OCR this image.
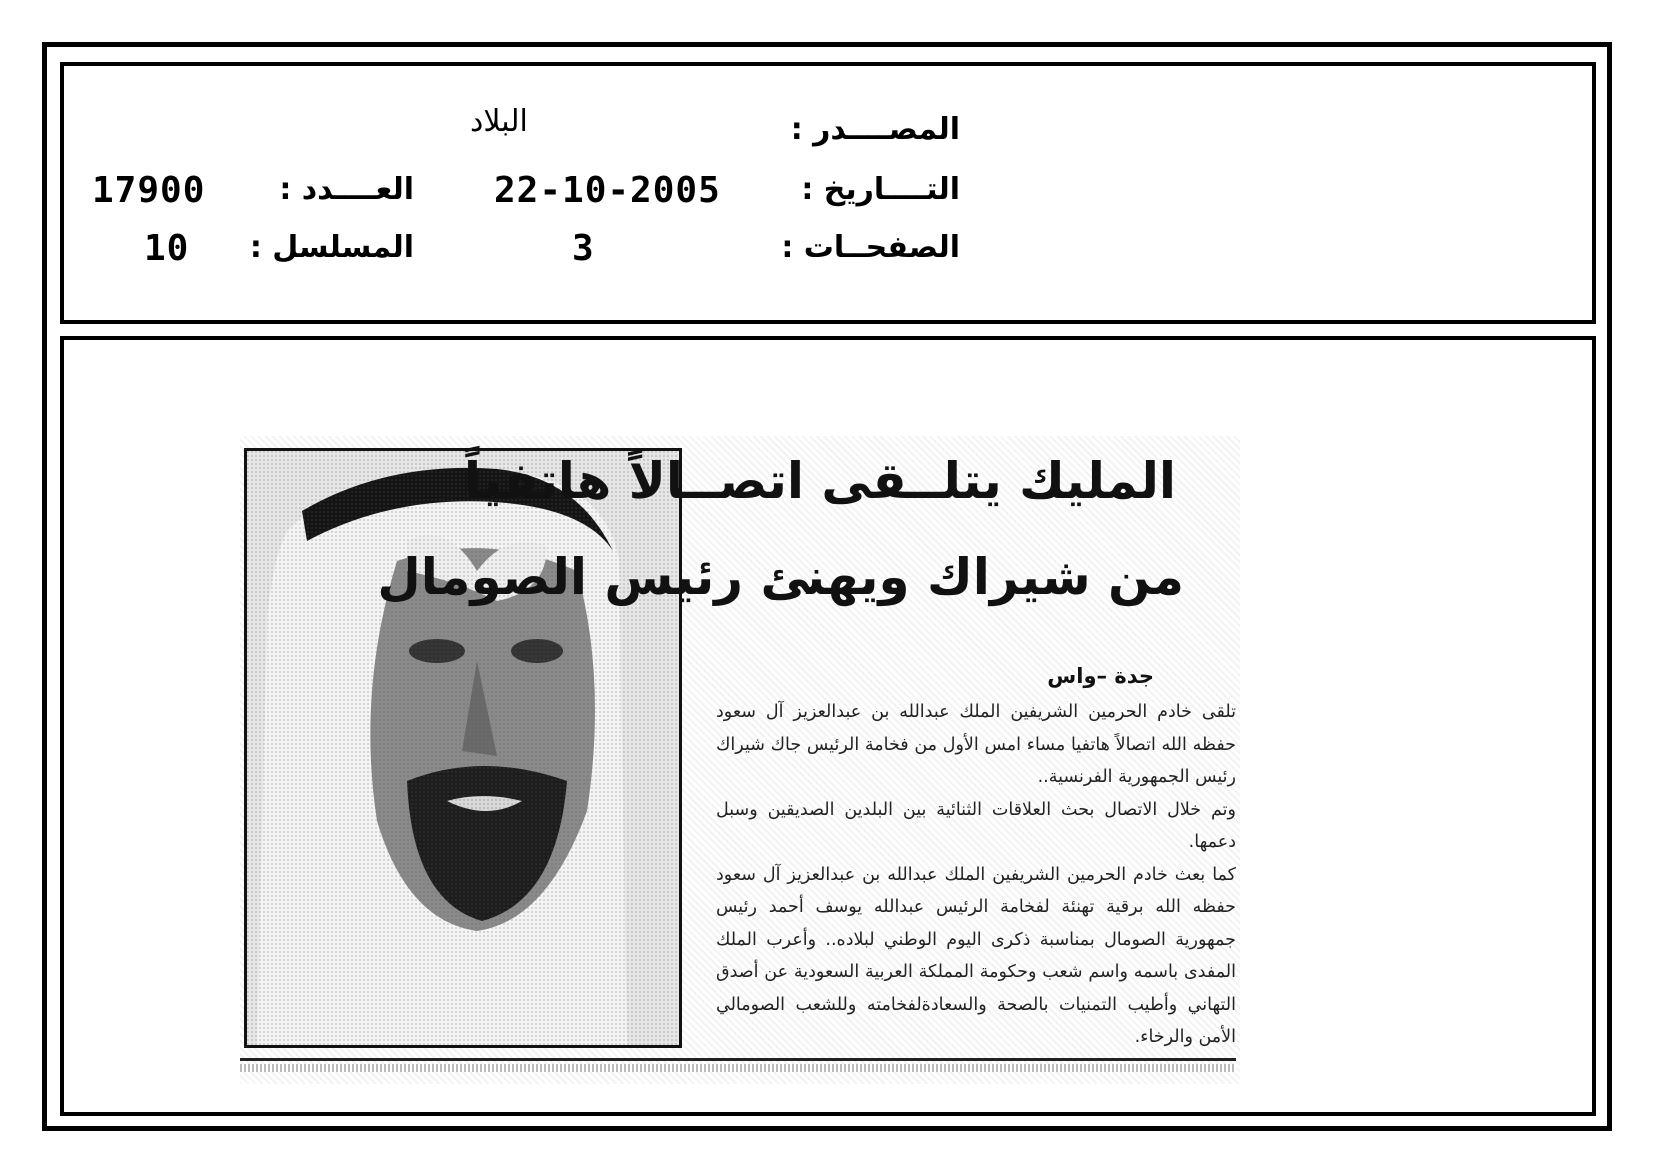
المصــــدر :
التــــاريخ :
الصفحــات :
البلاد
22-10-2005
3
العــــدد :
المسلسل :
17900
10
المليك يتلــقى اتصــالاً هاتفياً
من شيراك ويهنئ رئيس الصومال
جدة –واس

تلقى خادم الحرمين الشريفين الملك عبدالله بن عبدالعزيز آل سعود حفظه الله اتصالاً هاتفيا مساء امس الأول من فخامة الرئيس جاك شيراك رئيس الجمهورية الفرنسية..

وتم خلال الاتصال بحث العلاقات الثنائية بين البلدين الصديقين وسبل دعمها.

كما بعث خادم الحرمين الشريفين الملك عبدالله بن عبدالعزيز آل سعود حفظه الله برقية تهنئة لفخامة الرئيس عبدالله يوسف أحمد رئيس جمهورية الصومال بمناسبة ذكرى اليوم الوطني لبلاده.. وأعرب الملك المفدى باسمه واسم شعب وحكومة المملكة العربية السعودية عن أصدق التهاني وأطيب التمنيات بالصحة والسعادةلفخامته وللشعب الصومالي الأمن والرخاء.
